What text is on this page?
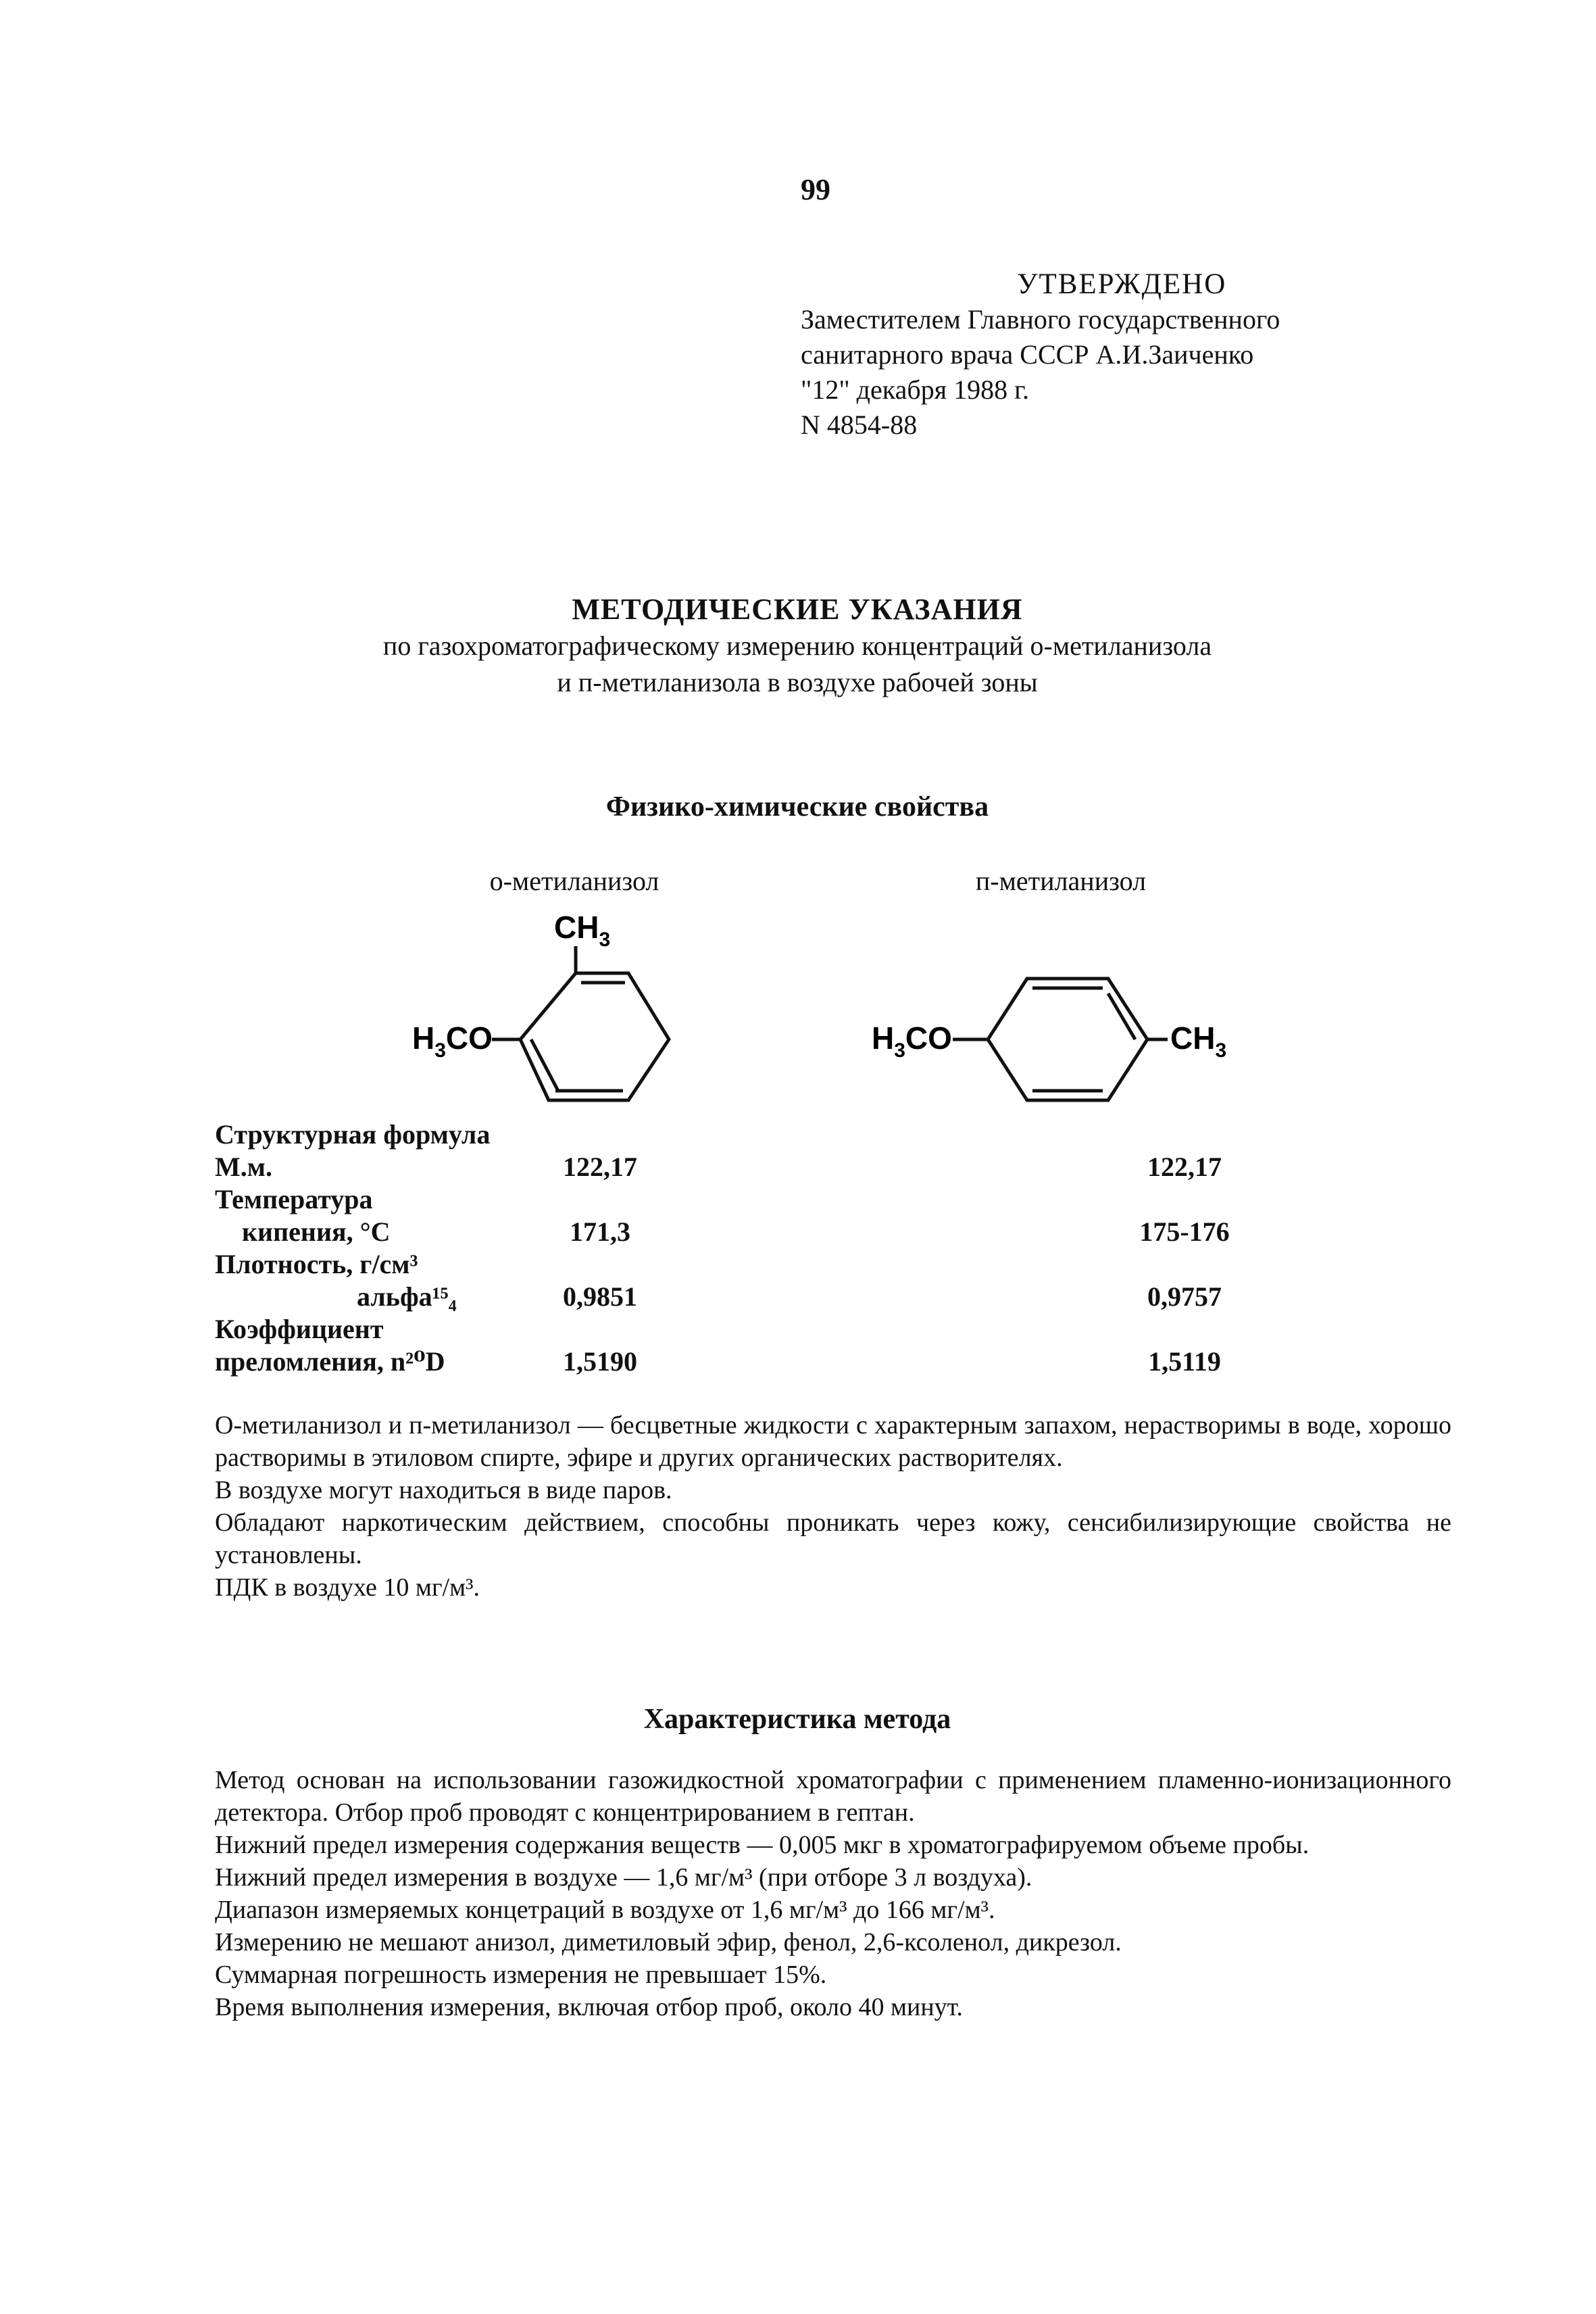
99
УТВЕРЖДЕНО
Заместителем Главного государственного
санитарного врача СССР А.И.Заиченко
"12" декабря 1988 г.
N 4854-88
МЕТОДИЧЕСКИЕ УКАЗАНИЯ
по газохроматографическому измерению концентраций о-метиланизола
и п-метиланизола в воздухе рабочей зоны
Физико-химические свойства
о-метиланизол	п-метиланизол
$CH_3$
$H_3CO$	$H_3CO$	$CH_3$
Структурная формула
М.м.	122,17	122,17
Температура
кипения, °С	171,3	175-176
Плотность, г/см³
альфа¹⁵₄	0,9851	0,9757
Коэффициент
преломления, n²⁰D	1,5190	1,5119

О-метиланизол и п-метиланизол — бесцветные жидкости с характерным запахом, нерастворимы в воде, хорошо растворимы в этиловом спирте, эфире и других органических растворителях.

В воздухе могут находиться в виде паров.

Обладают наркотическим действием, способны проникать через кожу, сенсибилизирующие свойства не установлены.

ПДК в воздухе 10 мг/м³.

Характеристика метода

Метод основан на использовании газожидкостной хроматографии с применением пламенно-ионизационного детектора. Отбор проб проводят с концентрированием в гептан.

Нижний предел измерения содержания веществ — 0,005 мкг в хроматографируемом объеме пробы.

Нижний предел измерения в воздухе — 1,6 мг/м³ (при отборе 3 л воздуха).

Диапазон измеряемых концетраций в воздухе от 1,6 мг/м³ до 166 мг/м³.

Измерению не мешают анизол, диметиловый эфир, фенол, 2,6-ксоленол, дикрезол.

Суммарная погрешность измерения не превышает 15%.

Время выполнения измерения, включая отбор проб, около 40 минут.
